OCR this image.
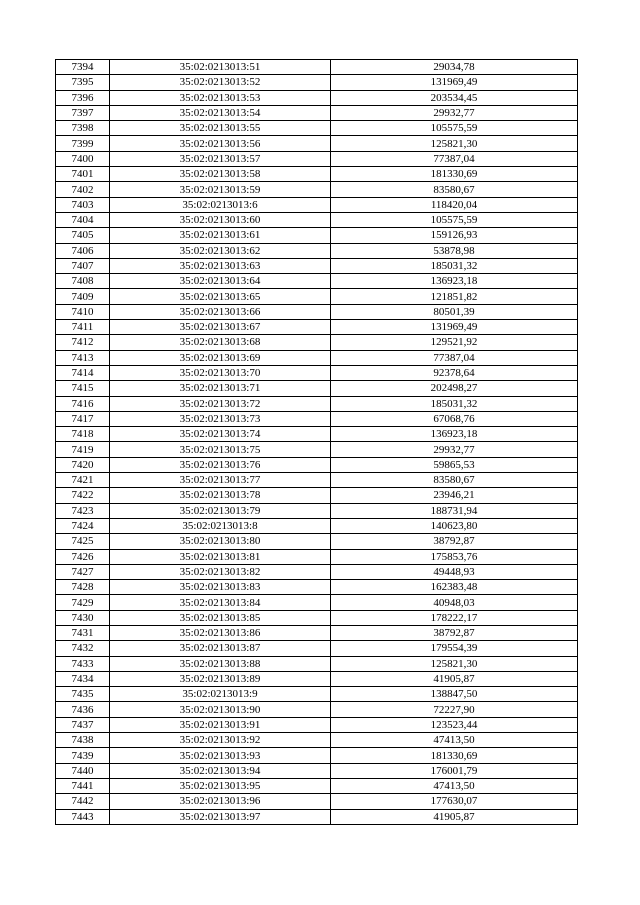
7394	35:02:0213013:51	29034,78
7395	35:02:0213013:52	131969,49
7396	35:02:0213013:53	203534,45
7397	35:02:0213013:54	29932,77
7398	35:02:0213013:55	105575,59
7399	35:02:0213013:56	125821,30
7400	35:02:0213013:57	77387,04
7401	35:02:0213013:58	181330,69
7402	35:02:0213013:59	83580,67
7403	35:02:0213013:6	118420,04
7404	35:02:0213013:60	105575,59
7405	35:02:0213013:61	159126,93
7406	35:02:0213013:62	53878,98
7407	35:02:0213013:63	185031,32
7408	35:02:0213013:64	136923,18
7409	35:02:0213013:65	121851,82
7410	35:02:0213013:66	80501,39
7411	35:02:0213013:67	131969,49
7412	35:02:0213013:68	129521,92
7413	35:02:0213013:69	77387,04
7414	35:02:0213013:70	92378,64
7415	35:02:0213013:71	202498,27
7416	35:02:0213013:72	185031,32
7417	35:02:0213013:73	67068,76
7418	35:02:0213013:74	136923,18
7419	35:02:0213013:75	29932,77
7420	35:02:0213013:76	59865,53
7421	35:02:0213013:77	83580,67
7422	35:02:0213013:78	23946,21
7423	35:02:0213013:79	188731,94
7424	35:02:0213013:8	140623,80
7425	35:02:0213013:80	38792,87
7426	35:02:0213013:81	175853,76
7427	35:02:0213013:82	49448,93
7428	35:02:0213013:83	162383,48
7429	35:02:0213013:84	40948,03
7430	35:02:0213013:85	178222,17
7431	35:02:0213013:86	38792,87
7432	35:02:0213013:87	179554,39
7433	35:02:0213013:88	125821,30
7434	35:02:0213013:89	41905,87
7435	35:02:0213013:9	138847,50
7436	35:02:0213013:90	72227,90
7437	35:02:0213013:91	123523,44
7438	35:02:0213013:92	47413,50
7439	35:02:0213013:93	181330,69
7440	35:02:0213013:94	176001,79
7441	35:02:0213013:95	47413,50
7442	35:02:0213013:96	177630,07
7443	35:02:0213013:97	41905,87
